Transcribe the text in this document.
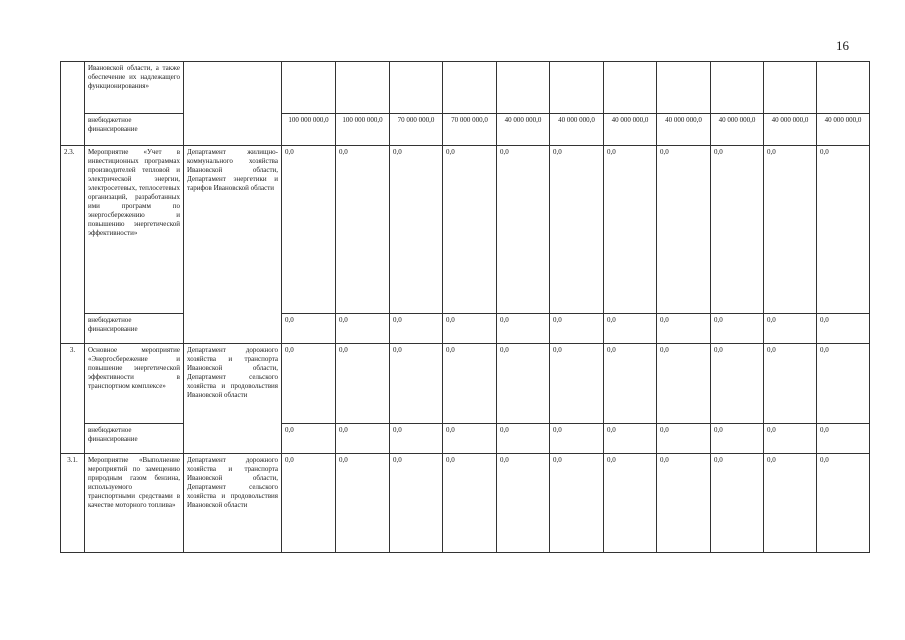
16
	Ивановской области, а также обеспечение их надлежащего функционирования»												
	внебюджетное финансирование		100 000 000,0	100 000 000,0	70 000 000,0	70 000 000,0	40 000 000,0	40 000 000,0	40 000 000,0	40 000 000,0	40 000 000,0	40 000 000,0	40 000 000,0
2.3.	Мероприятие «Учет в инвестиционных программах производителей тепловой и электрической энергии, электросетевых, теплосетевых организаций, разработанных ими программ по энергосбережению и повышению энергетической эффективности»	Департамент жилищно-коммунального хозяйства Ивановской области, Департамент энергетики и тарифов Ивановской области	0,0	0,0	0,0	0,0	0,0	0,0	0,0	0,0	0,0	0,0	0,0
	внебюджетное финансирование		0,0	0,0	0,0	0,0	0,0	0,0	0,0	0,0	0,0	0,0	0,0
3.	Основное мероприятие «Энергосбережение и повышение энергетической эффективности в транспортном комплексе»	Департамент дорожного хозяйства и транспорта Ивановской области, Департамент сельского хозяйства и продовольствия Ивановской области	0,0	0,0	0,0	0,0	0,0	0,0	0,0	0,0	0,0	0,0	0,0
	внебюджетное финансирование		0,0	0,0	0,0	0,0	0,0	0,0	0,0	0,0	0,0	0,0	0,0
3.1.	Мероприятие «Выполнение мероприятий по замещению природным газом бензина, используемого транспортными средствами в качестве моторного топлива»	Департамент дорожного хозяйства и транспорта Ивановской области, Департамент сельского хозяйства и продовольствия Ивановской области	0,0	0,0	0,0	0,0	0,0	0,0	0,0	0,0	0,0	0,0	0,0
